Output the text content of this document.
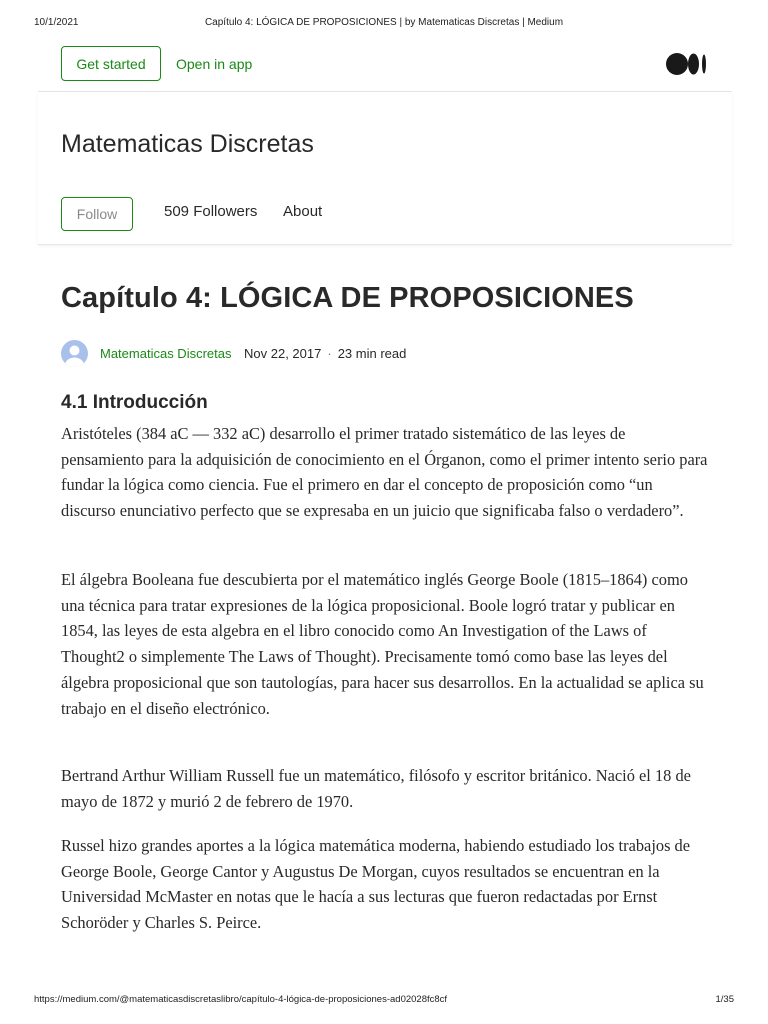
10/1/2021	Capítulo 4: LÓGICA DE PROPOSICIONES | by Matematicas Discretas | Medium
Get started	Open in app
Matematicas Discretas
Follow	509 Followers About
Capítulo 4: LÓGICA DE PROPOSICIONES
Matematicas Discretas Nov 22, 2017 · 23 min read
4.1 Introducción

Aristóteles (384 aC — 332 aC) desarrollo el primer tratado sistemático de las leyes de pensamiento para la adquisición de conocimiento en el Órganon, como el primer intento serio para fundar la lógica como ciencia. Fue el primero en dar el concepto de proposición como “un discurso enunciativo perfecto que se expresaba en un juicio que significaba falso o verdadero”.

El álgebra Booleana fue descubierta por el matemático inglés George Boole (1815–1864) como una técnica para tratar expresiones de la lógica proposicional. Boole logró tratar y publicar en 1854, las leyes de esta algebra en el libro conocido como An Investigation of the Laws of Thought2 o simplemente The Laws of Thought). Precisamente tomó como base las leyes del álgebra proposicional que son tautologías, para hacer sus desarrollos. En la actualidad se aplica su trabajo en el diseño electrónico.

Bertrand Arthur William Russell fue un matemático, filósofo y escritor británico. Nació el 18 de mayo de 1872 y murió 2 de febrero de 1970.

Russel hizo grandes aportes a la lógica matemática moderna, habiendo estudiado los trabajos de George Boole, George Cantor y Augustus De Morgan, cuyos resultados se encuentran en la Universidad McMaster en notas que le hacía a sus lecturas que fueron redactadas por Ernst Schoröder y Charles S. Peirce.

https://medium.com/@matematicasdiscretaslibro/capítulo-4-lógica-de-proposiciones-ad02028fc8cf	1/35
